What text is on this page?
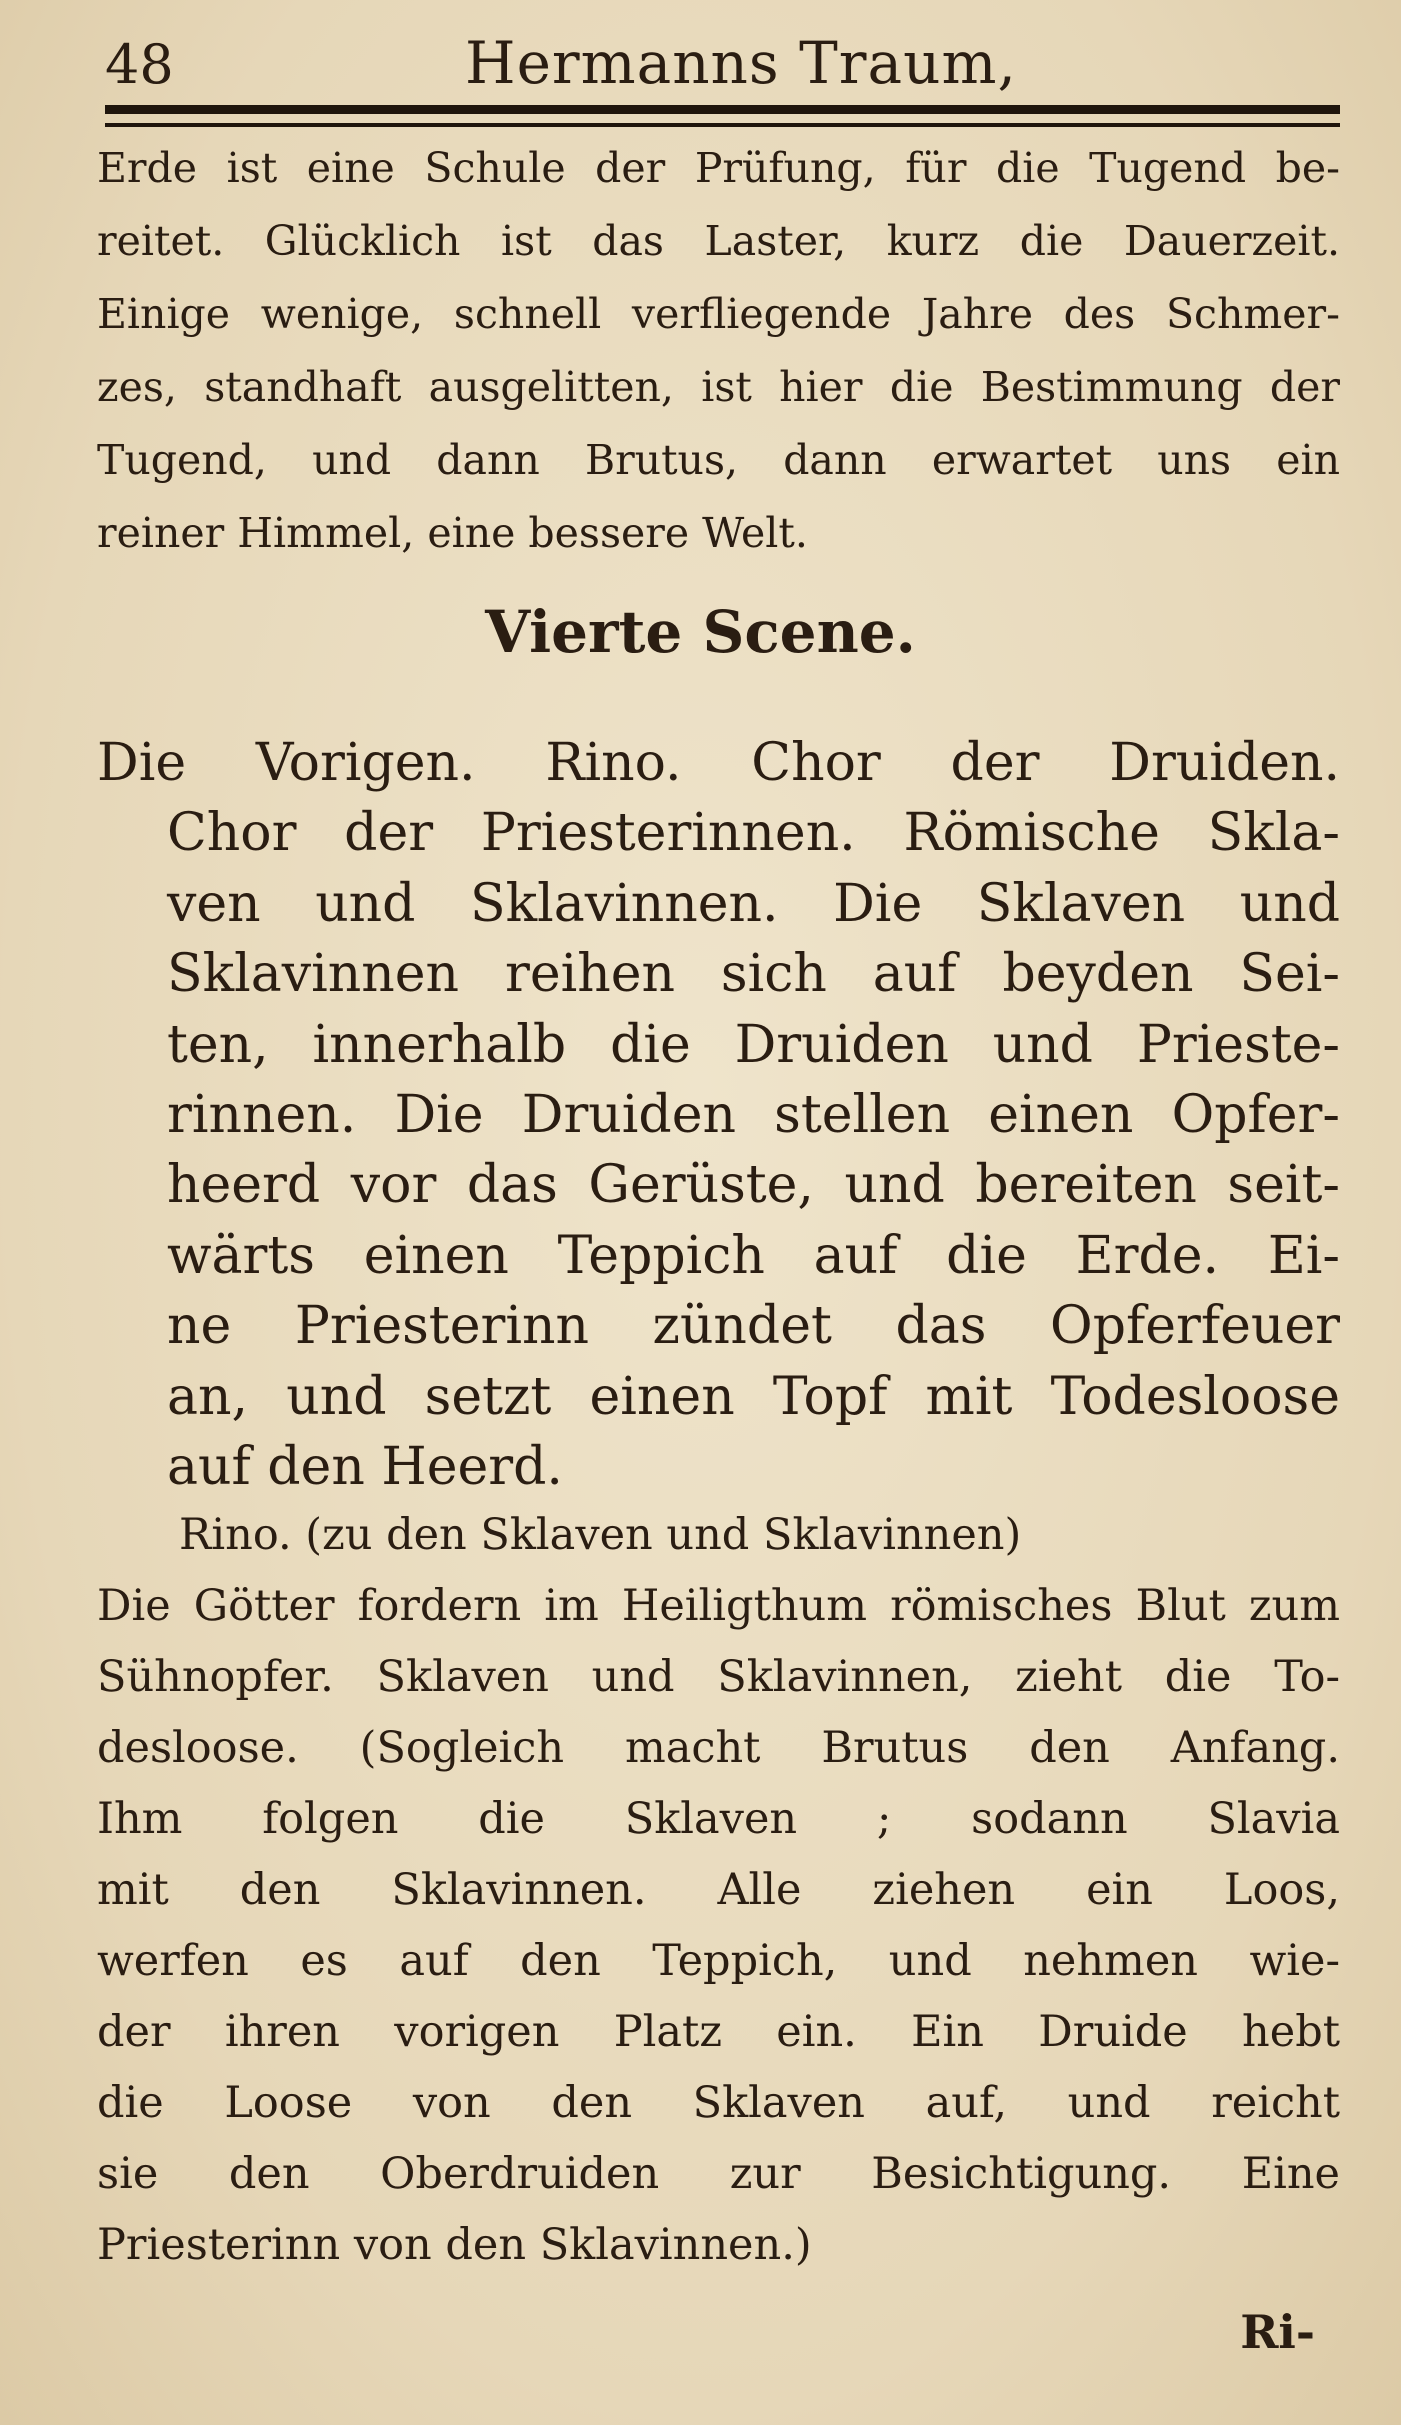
48	Hermanns Traum,
Erde ist eine Schule der Prüfung, für die Tugend be-
reitet. Glücklich ist das Laster, kurz die Dauerzeit.
Einige wenige, schnell verfliegende Jahre des Schmer-
zes, standhaft ausgelitten, ist hier die Bestimmung der
Tugend, und dann Brutus, dann erwartet uns ein
reiner Himmel, eine bessere Welt.
Vierte Scene.
Die Vorigen. Rino. Chor der Druiden.
Chor der Priesterinnen. Römische Skla-
ven und Sklavinnen. Die Sklaven und
Sklavinnen reihen sich auf beyden Sei-
ten, innerhalb die Druiden und Prieste-
rinnen. Die Druiden stellen einen Opfer-
heerd vor das Gerüste, und bereiten seit-
wärts einen Teppich auf die Erde. Ei-
ne Priesterinn zündet das Opferfeuer
an, und setzt einen Topf mit Todesloose
auf den Heerd.
Rino. (zu den Sklaven und Sklavinnen)
Die Götter fordern im Heiligthum römisches Blut zum
Sühnopfer. Sklaven und Sklavinnen, zieht die To-
desloose. (Sogleich macht Brutus den Anfang.
Ihm folgen die Sklaven ; sodann Slavia
mit den Sklavinnen. Alle ziehen ein Loos,
werfen es auf den Teppich, und nehmen wie-
der ihren vorigen Platz ein. Ein Druide hebt
die Loose von den Sklaven auf, und reicht
sie den Oberdruiden zur Besichtigung. Eine
Priesterinn von den Sklavinnen.)
Ri-
